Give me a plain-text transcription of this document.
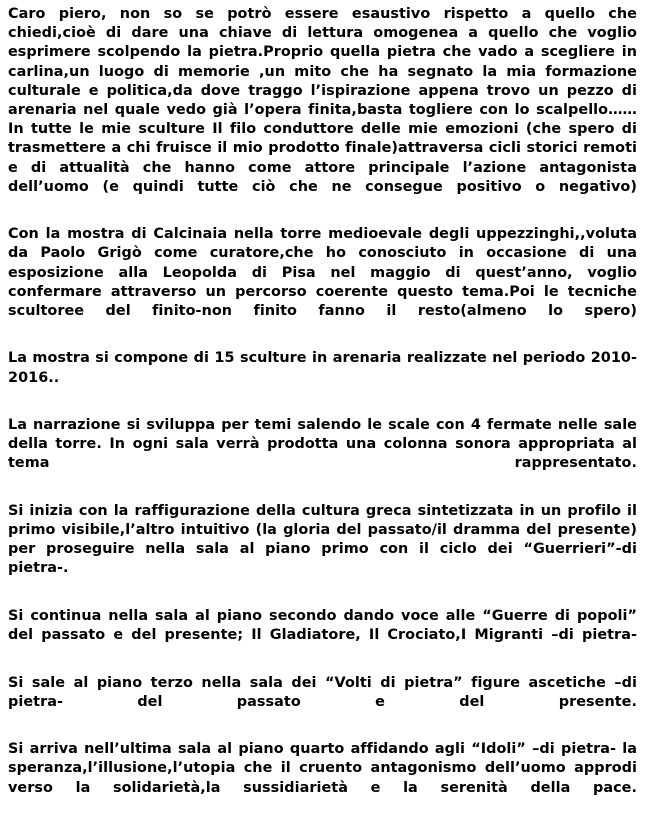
Caro piero, non so se potrò essere esaustivo rispetto a quello che chiedi,cioè di dare una chiave di lettura omogenea a quello che voglio esprimere scolpendo la pietra.Proprio quella pietra che vado a scegliere in carlina,un luogo di memorie ,un mito che ha segnato la mia formazione culturale e politica,da dove traggo l’ispirazione appena trovo un pezzo di arenaria nel quale vedo già l’opera finita,basta togliere con lo scalpello……In tutte le mie sculture Il filo conduttore delle mie emozioni (che spero di trasmettere a chi fruisce il mio prodotto finale)attraversa cicli storici remoti e di attualità che hanno come attore principale l’azione antagonista dell’uomo (e quindi tutte ciò che ne consegue positivo o negativo)

Con la mostra di Calcinaia nella torre medioevale degli uppezzinghi,,voluta da Paolo Grigò come curatore,che ho conosciuto in occasione di una esposizione alla Leopolda di Pisa nel maggio di quest’anno, voglio confermare attraverso un percorso coerente questo tema.Poi le tecniche scultoree del finito-non finito fanno il resto(almeno lo spero)

La mostra si compone di 15 sculture in arenaria realizzate nel periodo 2010-2016..

La narrazione si sviluppa per temi salendo le scale con 4 fermate nelle sale della torre. In ogni sala verrà prodotta una colonna sonora appropriata al tema rappresentato.

Si inizia con la raffigurazione della cultura greca sintetizzata in un profilo il primo visibile,l’altro intuitivo (la gloria del passato/il dramma del presente) per proseguire nella sala al piano primo con il ciclo dei “Guerrieri”-di pietra-.

Si continua nella sala al piano secondo dando voce alle “Guerre di popoli” del passato e del presente; Il Gladiatore, Il Crociato,I Migranti –di pietra-

Si sale al piano terzo nella sala dei “Volti di pietra” figure ascetiche –di pietra- del passato e del presente.

Si arriva nell’ultima sala al piano quarto affidando agli “Idoli” –di pietra- la speranza,l’illusione,l’utopia che il cruento antagonismo dell’uomo approdi verso la solidarietà,la sussidiarietà e la serenità della pace.
